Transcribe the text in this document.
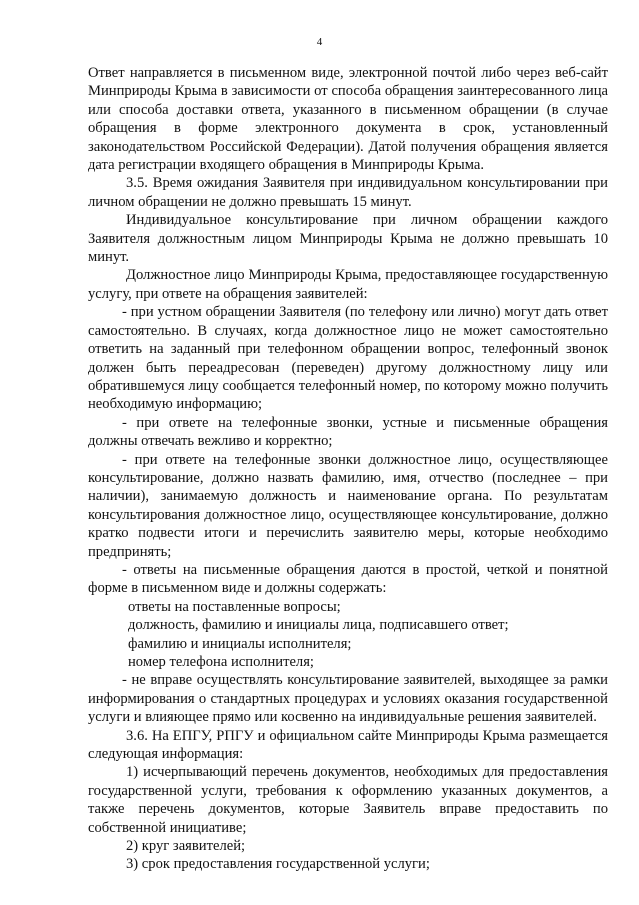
4

Ответ направляется в письменном виде, электронной почтой либо через веб-сайт Минприроды Крыма в зависимости от способа обращения заинтересованного лица или способа доставки ответа, указанного в письменном обращении (в случае обращения в форме электронного документа в срок, установленный законодательством Российской Федерации). Датой получения обращения является дата регистрации входящего обращения в Минприроды Крыма.

3.5. Время ожидания Заявителя при индивидуальном консультировании при личном обращении не должно превышать 15 минут.

Индивидуальное консультирование при личном обращении каждого Заявителя должностным лицом Минприроды Крыма не должно превышать 10 минут.

Должностное лицо Минприроды Крыма, предоставляющее государственную услугу, при ответе на обращения заявителей:

- при устном обращении Заявителя (по телефону или лично) могут дать ответ самостоятельно. В случаях, когда должностное лицо не может самостоятельно ответить на заданный при телефонном обращении вопрос, телефонный звонок должен быть переадресован (переведен) другому должностному лицу или обратившемуся лицу сообщается телефонный номер, по которому можно получить необходимую информацию;

- при ответе на телефонные звонки, устные и письменные обращения должны отвечать вежливо и корректно;

- при ответе на телефонные звонки должностное лицо, осуществляющее консультирование, должно назвать фамилию, имя, отчество (последнее – при наличии), занимаемую должность и наименование органа. По результатам консультирования должностное лицо, осуществляющее консультирование, должно кратко подвести итоги и перечислить заявителю меры, которые необходимо предпринять;

- ответы на письменные обращения даются в простой, четкой и понятной форме в письменном виде и должны содержать:

ответы на поставленные вопросы;

должность, фамилию и инициалы лица, подписавшего ответ;

фамилию и инициалы исполнителя;

номер телефона исполнителя;

- не вправе осуществлять консультирование заявителей, выходящее за рамки информирования о стандартных процедурах и условиях оказания государственной услуги и влияющее прямо или косвенно на индивидуальные решения заявителей.

3.6. На ЕПГУ, РПГУ и официальном сайте Минприроды Крыма размещается следующая информация:

1) исчерпывающий перечень документов, необходимых для предоставления государственной услуги, требования к оформлению указанных документов, а также перечень документов, которые Заявитель вправе предоставить по собственной инициативе;

2) круг заявителей;

3) срок предоставления государственной услуги;
